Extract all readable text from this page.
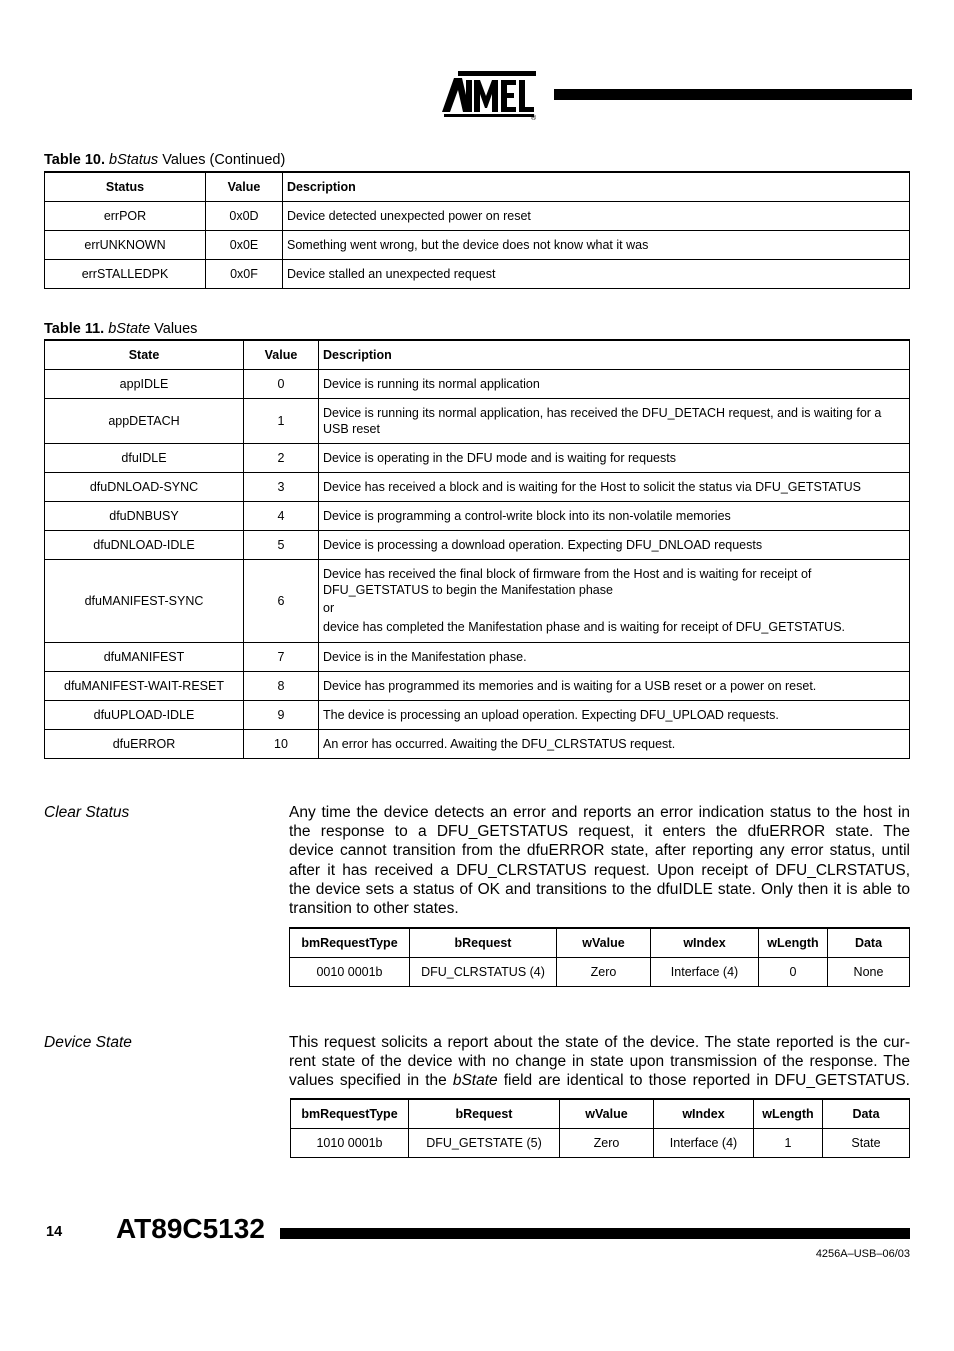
®
Table 10. bStatus Values (Continued)
Status	Value	Description
errPOR	0x0D	Device detected unexpected power on reset
errUNKNOWN	0x0E	Something went wrong, but the device does not know what it was
errSTALLEDPK	0x0F	Device stalled an unexpected request
Table 11. bState Values
State	Value	Description
appIDLE	0	Device is running its normal application
appDETACH	1	Device is running its normal application, has received the DFU_DETACH request, and is waiting for a USB reset
dfuIDLE	2	Device is operating in the DFU mode and is waiting for requests
dfuDNLOAD-SYNC	3	Device has received a block and is waiting for the Host to solicit the status via DFU_GETSTATUS
dfuDNBUSY	4	Device is programming a control-write block into its non-volatile memories
dfuDNLOAD-IDLE	5	Device is processing a download operation. Expecting DFU_DNLOAD requests
dfuMANIFEST-SYNC	6	Device has received the final block of firmware from the Host and is waiting for receipt of DFU_GETSTATUS to begin the Manifestation phase
or
device has completed the Manifestation phase and is waiting for receipt of DFU_GETSTATUS.

dfuMANIFEST	7	Device is in the Manifestation phase.
dfuMANIFEST-WAIT-RESET	8	Device has programmed its memories and is waiting for a USB reset or a power on reset.
dfuUPLOAD-IDLE	9	The device is processing an upload operation. Expecting DFU_UPLOAD requests.
dfuERROR	10	An error has occurred. Awaiting the DFU_CLRSTATUS request.
Clear Status	Any time the device detects an error and reports an error indication status to the host in
the response to a DFU_GETSTATUS request, it enters the dfuERROR state. The
device cannot transition from the dfuERROR state, after reporting any error status, until
after it has received a DFU_CLRSTATUS request. Upon receipt of DFU_CLRSTATUS,
the device sets a status of OK and transitions to the dfuIDLE state. Only then it is able to
transition to other states.
bmRequestType	bRequest	wValue	wIndex	wLength	Data
0010 0001b	DFU_CLRSTATUS (4)	Zero	Interface (4)	0	None
Device State	This request solicits a report about the state of the device. The state reported is the cur-
rent state of the device with no change in state upon transmission of the response. The
values specified in the bState field are identical to those reported in DFU_GETSTATUS.
bmRequestType	bRequest	wValue	wIndex	wLength	Data
1010 0001b	DFU_GETSTATE (5)	Zero	Interface (4)	1	State
14 AT89C5132
4256A–USB–06/03
